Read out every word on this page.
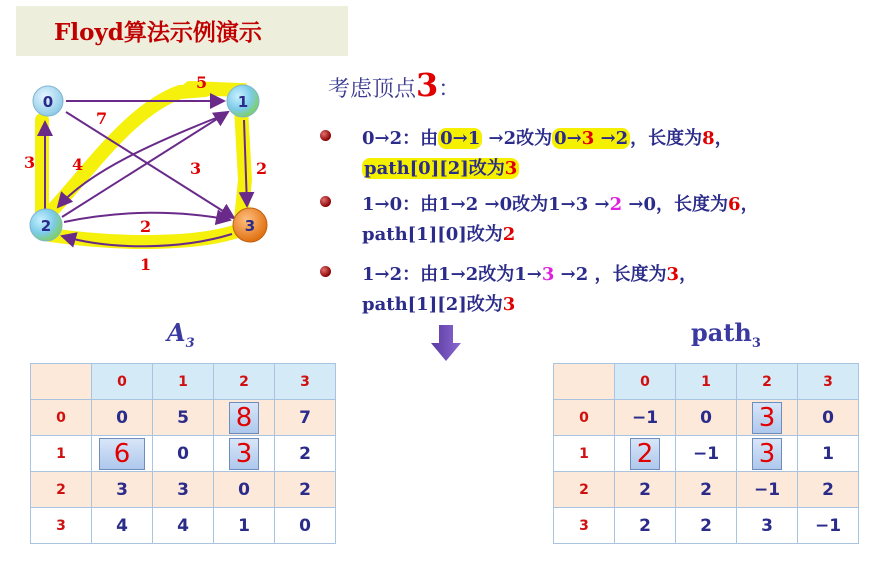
Floyd算法示例演示
5
7
3 4	3	2
2
1
0	1
2	3
考虑顶点3：
0→2：由 0→1 →2改为 0→3 →2 ，长度为8，
path[0][2]改为3
1→0：由1→2 →0改为1→3 →2 →0，长度为6，
path[1][0]改为2
1→2：由1→2改为1→3 →2 ，长度为3，
path[1][2]改为3
$A_3$	path$_3$
	0	1	2	3
0	0	5	8	7
1	6	0	3	2
2	3	3	0	2
3	4	4	1	0
	0	1	2	3
0	−1	0	3	0
1	2	−1	3	1
2	2	2	−1	2
3	2	2	3	−1
